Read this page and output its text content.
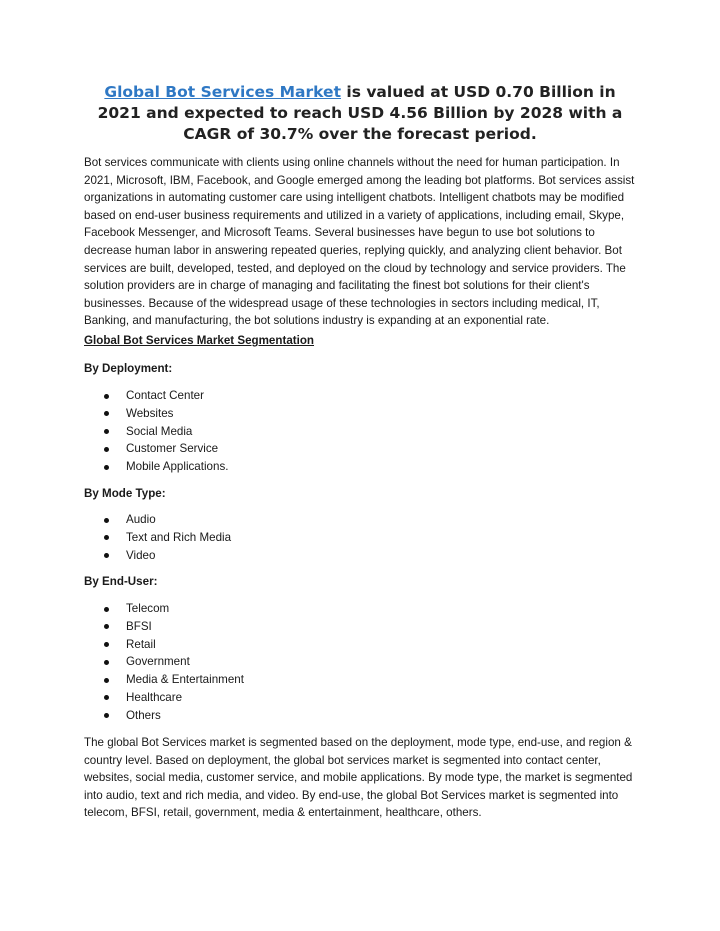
Global Bot Services Market is valued at USD 0.70 Billion in 2021 and expected to reach USD 4.56 Billion by 2028 with a CAGR of 30.7% over the forecast period.

Bot services communicate with clients using online channels without the need for human participation. In 2021, Microsoft, IBM, Facebook, and Google emerged among the leading bot platforms. Bot services assist organizations in automating customer care using intelligent chatbots. Intelligent chatbots may be modified based on end-user business requirements and utilized in a variety of applications, including email, Skype, Facebook Messenger, and Microsoft Teams. Several businesses have begun to use bot solutions to decrease human labor in answering repeated queries, replying quickly, and analyzing client behavior. Bot services are built, developed, tested, and deployed on the cloud by technology and service providers. The solution providers are in charge of managing and facilitating the finest bot solutions for their client's businesses. Because of the widespread usage of these technologies in sectors including medical, IT, Banking, and manufacturing, the bot solutions industry is expanding at an exponential rate.

Global Bot Services Market Segmentation

By Deployment:

Contact Center
Websites
Social Media
Customer Service
Mobile Applications.

By Mode Type:

Audio
Text and Rich Media
Video

By End-User:

Telecom
BFSI
Retail
Government
Media & Entertainment
Healthcare
Others

The global Bot Services market is segmented based on the deployment, mode type, end-use, and region & country level. Based on deployment, the global bot services market is segmented into contact center, websites, social media, customer service, and mobile applications. By mode type, the market is segmented into audio, text and rich media, and video. By end-use, the global Bot Services market is segmented into telecom, BFSI, retail, government, media & entertainment, healthcare, others.
